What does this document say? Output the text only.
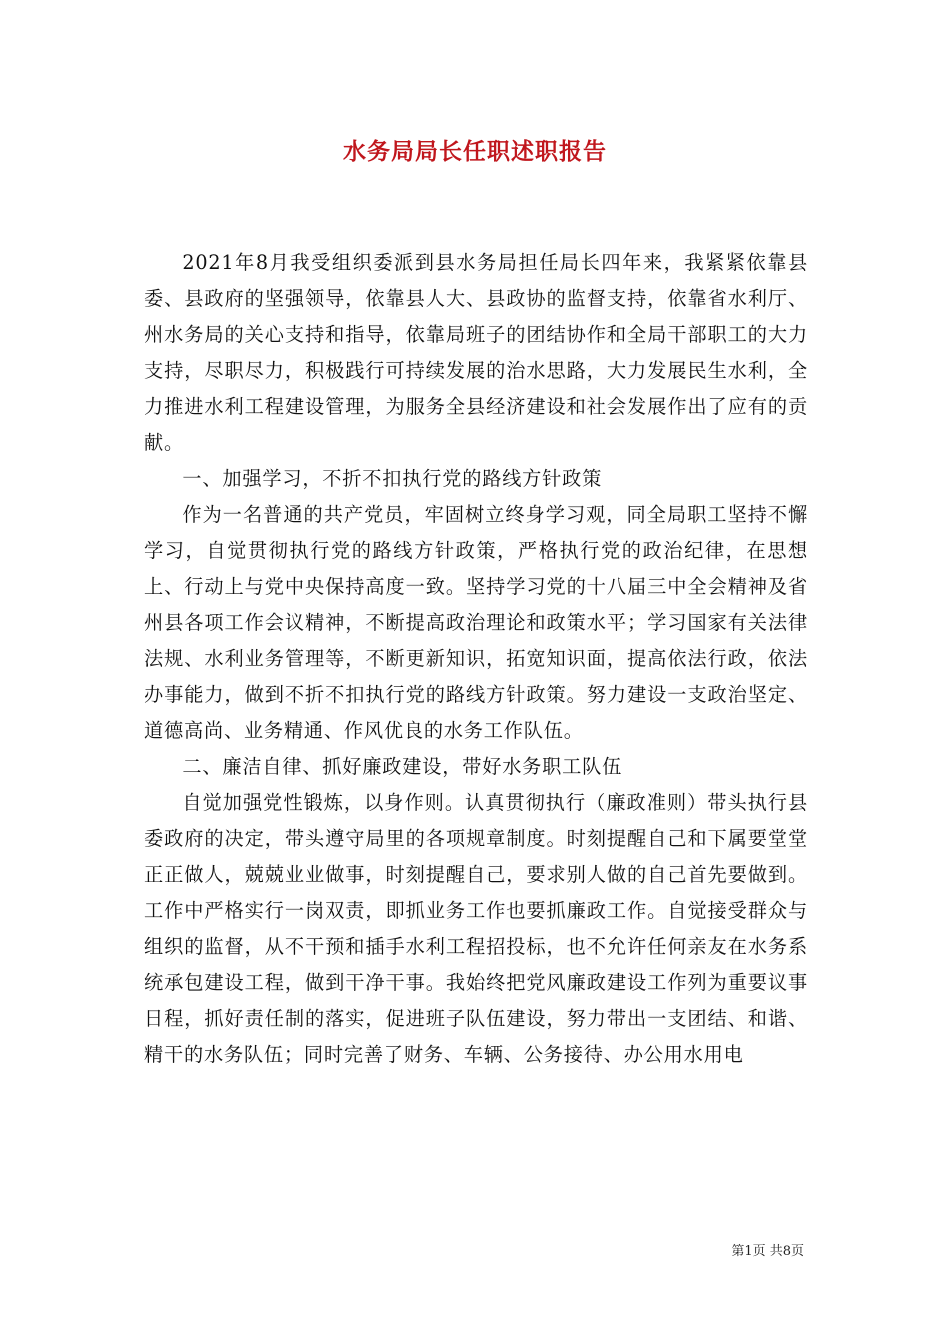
水务局局长任职述职报告

2021年8月我受组织委派到县水务局担任局长四年来，我紧紧依靠县委、县政府的坚强领导，依靠县人大、县政协的监督支持，依靠省水利厅、州水务局的关心支持和指导，依靠局班子的团结协作和全局干部职工的大力支持，尽职尽力，积极践行可持续发展的治水思路，大力发展民生水利，全力推进水利工程建设管理，为服务全县经济建设和社会发展作出了应有的贡献。

一、加强学习，不折不扣执行党的路线方针政策

作为一名普通的共产党员，牢固树立终身学习观，同全局职工坚持不懈学习，自觉贯彻执行党的路线方针政策，严格执行党的政治纪律，在思想上、行动上与党中央保持高度一致。坚持学习党的十八届三中全会精神及省州县各项工作会议精神，不断提高政治理论和政策水平；学习国家有关法律法规、水利业务管理等，不断更新知识，拓宽知识面，提高依法行政，依法办事能力，做到不折不扣执行党的路线方针政策。努力建设一支政治坚定、道德高尚、业务精通、作风优良的水务工作队伍。

二、廉洁自律、抓好廉政建设，带好水务职工队伍

自觉加强党性锻炼，以身作则。认真贯彻执行（廉政准则）带头执行县委政府的决定，带头遵守局里的各项规章制度。时刻提醒自己和下属要堂堂正正做人，兢兢业业做事，时刻提醒自己，要求别人做的自己首先要做到。工作中严格实行一岗双责，即抓业务工作也要抓廉政工作。自觉接受群众与组织的监督，从不干预和插手水利工程招投标，也不允许任何亲友在水务系统承包建设工程，做到干净干事。我始终把党风廉政建设工作列为重要议事日程，抓好责任制的落实，促进班子队伍建设，努力带出一支团结、和谐、精干的水务队伍；同时完善了财务、车辆、公务接待、办公用水用电

第1页 共8页
